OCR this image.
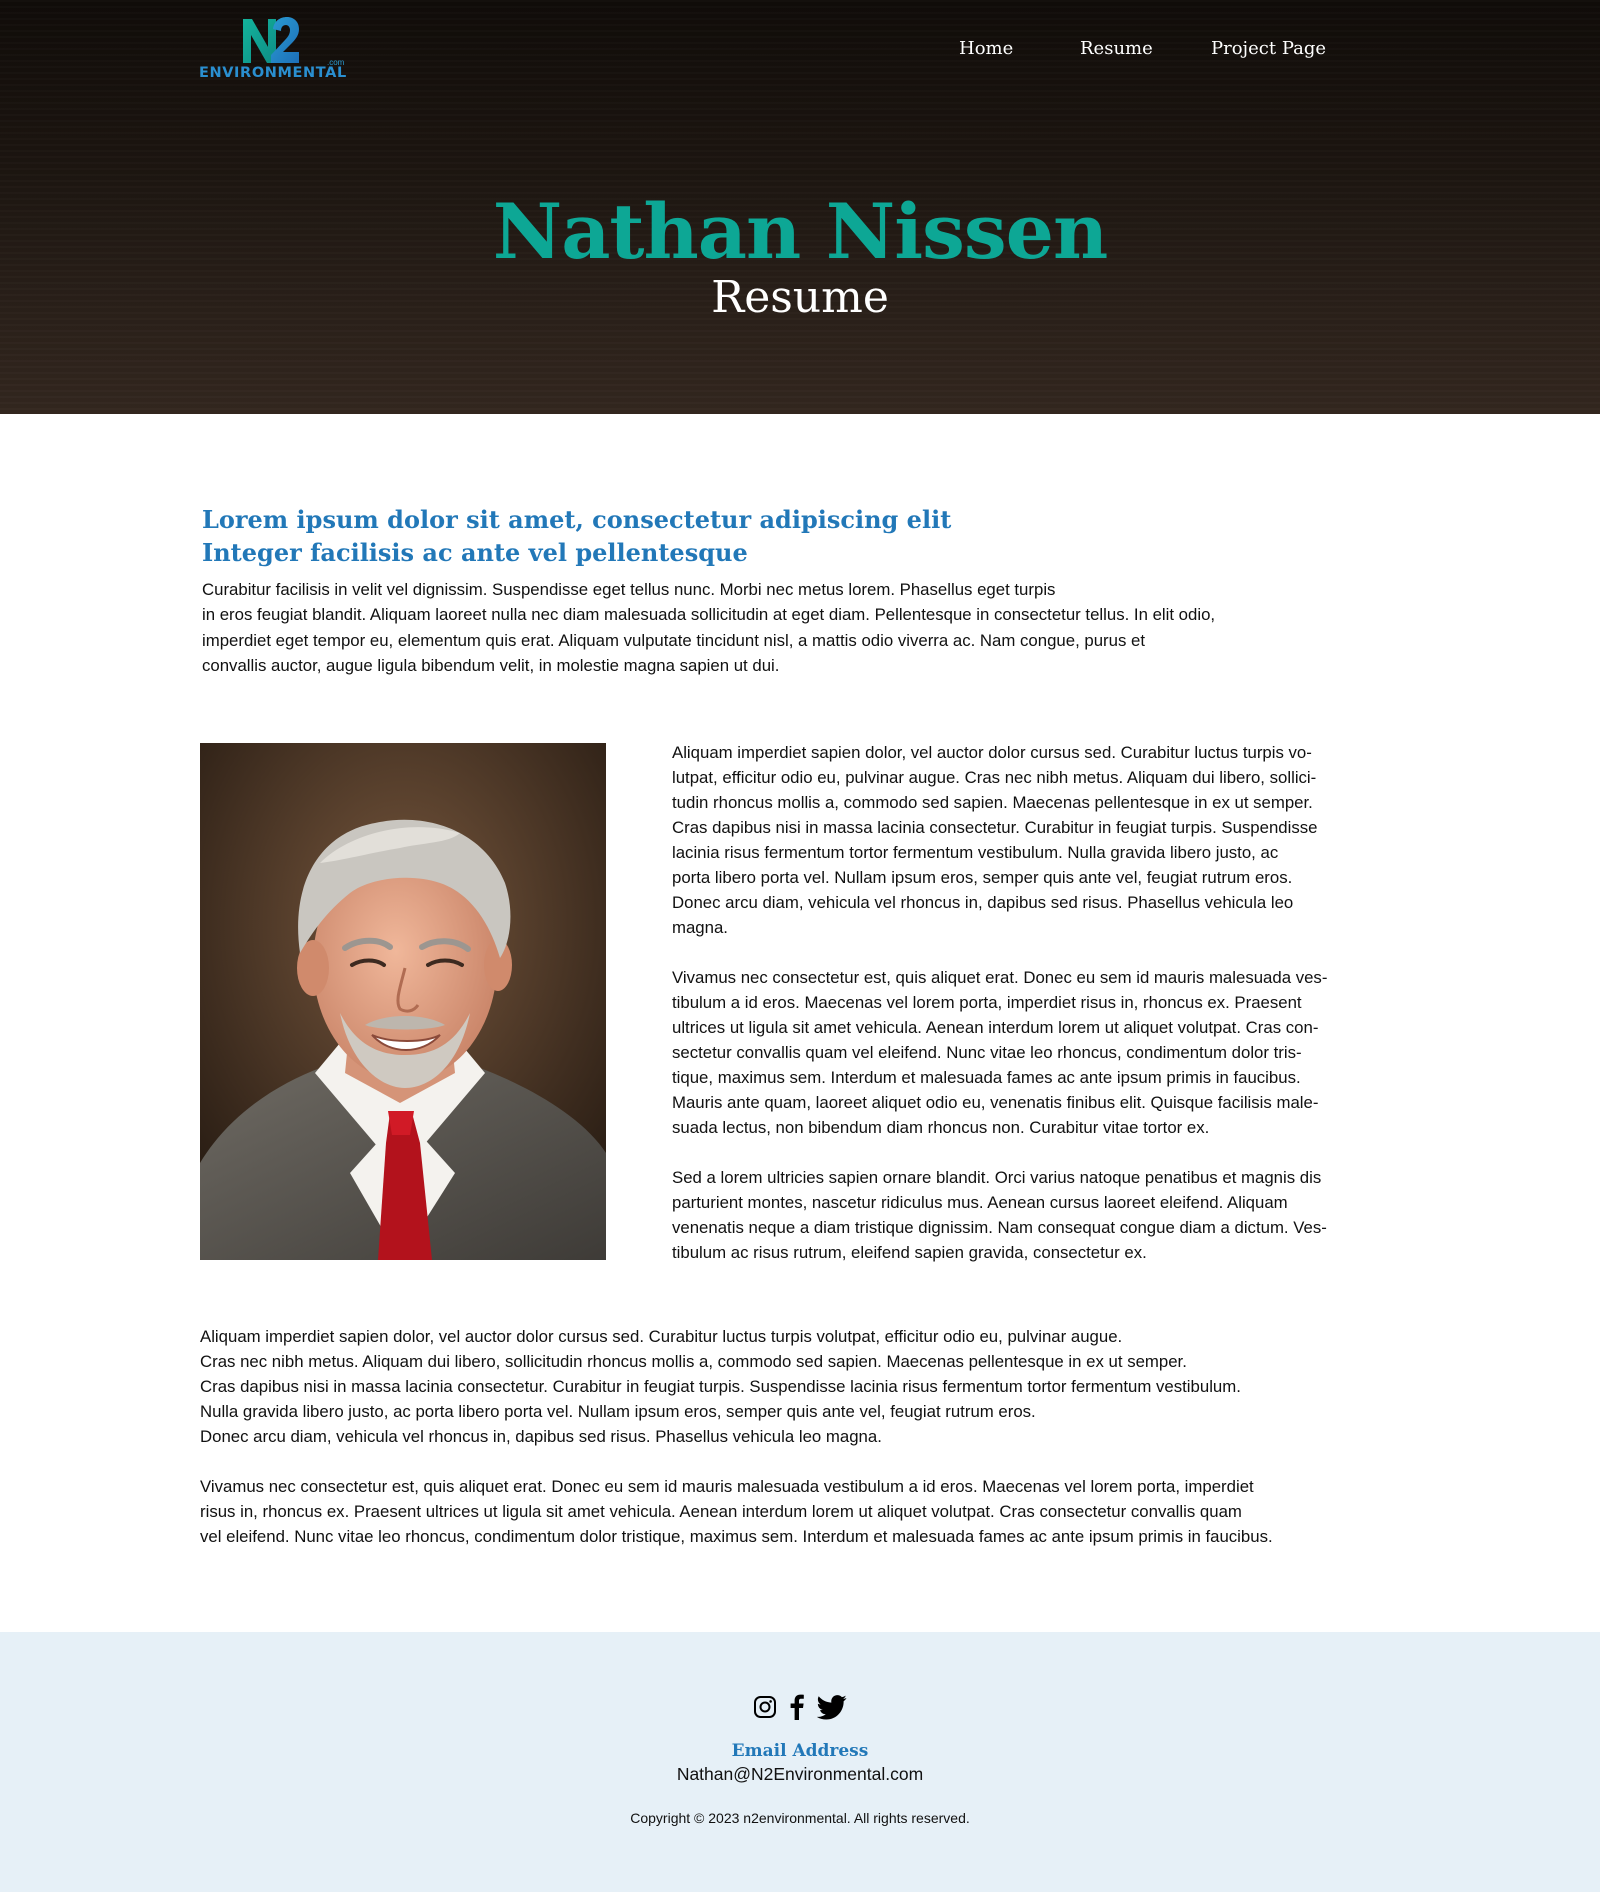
.com
ENVIRONMENTAL
Home	Resume	Project Page
Nathan Nissen
Resume
Lorem ipsum dolor sit amet, consectetur adipiscing elit
Integer facilisis ac ante vel pellentesque

Curabitur facilisis in velit vel dignissim. Suspendisse eget tellus nunc. Morbi nec metus lorem. Phasellus eget turpis
in eros feugiat blandit. Aliquam laoreet nulla nec diam malesuada sollicitudin at eget diam. Pellentesque in consectetur tellus. In elit odio,
imperdiet eget tempor eu, elementum quis erat. Aliquam vulputate tincidunt nisl, a mattis odio viverra ac. Nam congue, purus et
convallis auctor, augue ligula bibendum velit, in molestie magna sapien ut dui.

Aliquam imperdiet sapien dolor, vel auctor dolor cursus sed. Curabitur luctus turpis vo-
lutpat, efficitur odio eu, pulvinar augue. Cras nec nibh metus. Aliquam dui libero, sollici-
tudin rhoncus mollis a, commodo sed sapien. Maecenas pellentesque in ex ut semper.
Cras dapibus nisi in massa lacinia consectetur. Curabitur in feugiat turpis. Suspendisse
lacinia risus fermentum tortor fermentum vestibulum. Nulla gravida libero justo, ac
porta libero porta vel. Nullam ipsum eros, semper quis ante vel, feugiat rutrum eros.
Donec arcu diam, vehicula vel rhoncus in, dapibus sed risus. Phasellus vehicula leo
magna.

Vivamus nec consectetur est, quis aliquet erat. Donec eu sem id mauris malesuada ves-
tibulum a id eros. Maecenas vel lorem porta, imperdiet risus in, rhoncus ex. Praesent
ultrices ut ligula sit amet vehicula. Aenean interdum lorem ut aliquet volutpat. Cras con-
sectetur convallis quam vel eleifend. Nunc vitae leo rhoncus, condimentum dolor tris-
tique, maximus sem. Interdum et malesuada fames ac ante ipsum primis in faucibus.
Mauris ante quam, laoreet aliquet odio eu, venenatis finibus elit. Quisque facilisis male-
suada lectus, non bibendum diam rhoncus non. Curabitur vitae tortor ex.

Sed a lorem ultricies sapien ornare blandit. Orci varius natoque penatibus et magnis dis
parturient montes, nascetur ridiculus mus. Aenean cursus laoreet eleifend. Aliquam
venenatis neque a diam tristique dignissim. Nam consequat congue diam a dictum. Ves-
tibulum ac risus rutrum, eleifend sapien gravida, consectetur ex.

Aliquam imperdiet sapien dolor, vel auctor dolor cursus sed. Curabitur luctus turpis volutpat, efficitur odio eu, pulvinar augue.
Cras nec nibh metus. Aliquam dui libero, sollicitudin rhoncus mollis a, commodo sed sapien. Maecenas pellentesque in ex ut semper.
Cras dapibus nisi in massa lacinia consectetur. Curabitur in feugiat turpis. Suspendisse lacinia risus fermentum tortor fermentum vestibulum.
Nulla gravida libero justo, ac porta libero porta vel. Nullam ipsum eros, semper quis ante vel, feugiat rutrum eros.
Donec arcu diam, vehicula vel rhoncus in, dapibus sed risus. Phasellus vehicula leo magna.

Vivamus nec consectetur est, quis aliquet erat. Donec eu sem id mauris malesuada vestibulum a id eros. Maecenas vel lorem porta, imperdiet
risus in, rhoncus ex. Praesent ultrices ut ligula sit amet vehicula. Aenean interdum lorem ut aliquet volutpat. Cras consectetur convallis quam
vel eleifend. Nunc vitae leo rhoncus, condimentum dolor tristique, maximus sem. Interdum et malesuada fames ac ante ipsum primis in faucibus.

Email Address
Nathan@N2Environmental.com
Copyright © 2023 n2environmental. All rights reserved.
